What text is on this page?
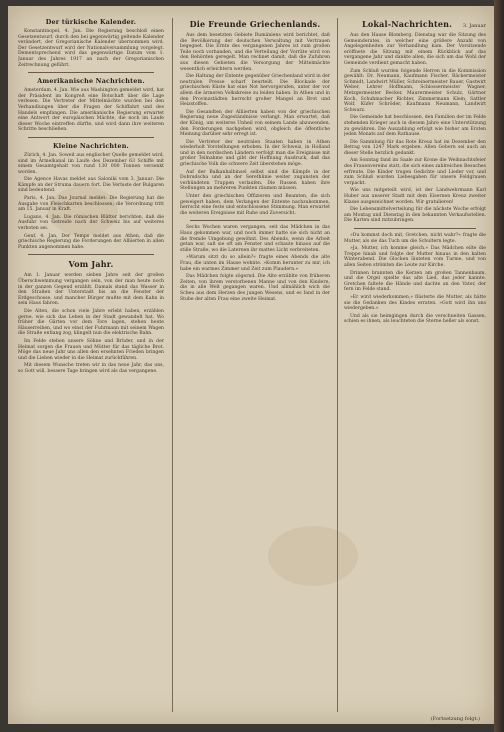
Der türkische Kalender.

Konstantinopel, 4. Jan. Die Regierung beschloß einen Gesetzentwurf, durch den bei gegenwärtig geltende Kalender verändert, der Gregorianische Kalender übernommen wird. Der Gesetzentwurf wird der Nationalversammlung vorgelegt. Dementsprechend wird das gegenwärtige Datum vom 1. Januar des Jahres 1917 an nach der Gregorianischen Zeitrechnung geführt.

Amerikanische Nachrichten.

Amsterdam, 4. Jan. Wie aus Washington gemeldet wird, hat der Präsident im Kongreß eine Botschaft über die Lage verlesen. Die Vertreter der Mittelmächte wurden bei den Verhandlungen über die Fragen der Schiffahrt und des Handels empfangen. Die amerikanische Regierung erwartet eine Antwort der europäischen Mächte, die noch im Laufe dieser Woche eintreffen dürfte, und wird dann ihre weiteren Schritte beschließen.

Kleine Nachrichten.

Zürich, 4. Jan. Soweit aus englischer Quelle gemeldet wird, sind im Ärmelkanal im Laufe des Dezember 63 Schiffe mit einem Gesamtgehalt von rund 130 000 Tonnen versenkt worden.

Die Agence Havas meldet aus Saloniki vom 3. Januar: Die Kämpfe an der Struma dauern fort. Die Verluste der Bulgaren sind bedeutend.

Paris, 4. Jan. Das Journal meldet: Die Regierung hat die Ausgabe von Fleischkarten beschlossen; die Verordnung tritt am 15. Januar in Kraft.

Lugano, 4. Jan. Die römischen Blätter berichten, daß die Ausfuhr von Getreide nach der Schweiz bis auf weiteres verboten sei.

Genf, 4. Jan. Der Temps meldet aus Athen, daß die griechische Regierung die Forderungen der Alliierten in allen Punkten angenommen habe.

Vom Jahr.

Am 1. Januar werden sieben Jahre seit der großen Überschwemmung vergangen sein, von der man heute noch in der ganzen Gegend erzählt. Damals stand das Wasser in den Straßen der Unterstadt bis an die Fenster der Erdgeschosse, und mancher Bürger mußte mit dem Kahn in sein Haus fahren.

Die Alten, die schon viele Jahre erlebt haben, erzählen gerne, wie sich das Leben in der Stadt gewandelt hat. Wo früher die Gärten vor dem Tore lagen, stehen heute Häuserreihen, und wo einst der Fuhrmann mit seinem Wagen die Straße entlang zog, klingelt nun die elektrische Bahn.

Im Felde stehen unsere Söhne und Brüder, und in der Heimat sorgen die Frauen und Mütter für das tägliche Brot. Möge das neue Jahr uns allen den ersehnten Frieden bringen und die Lieben wieder in die Heimat zurückführen.

Mit diesem Wunsche treten wir in das neue Jahr, das uns, so Gott will, bessere Tage bringen wird als das vergangene.

Die Freunde Griechenlands.

Aus dem besetzten Gebiete Rumäniens wird berichtet, daß die Bevölkerung der deutschen Verwaltung mit Vertrauen begegnet. Die Ernte des vergangenen Jahres ist zum großen Teile noch vorhanden, und die Verteilung der Vorräte wird von den Behörden geregelt. Man rechnet damit, daß die Zufuhren aus diesen Gebieten die Versorgung der Mittelmächte wesentlich erleichtern werden.

Die Haltung der Entente gegenüber Griechenland wird in der neutralen Presse scharf beurteilt. Die Blockade der griechischen Küste hat eine Not hervorgerufen, unter der vor allem die ärmeren Volkskreise zu leiden haben. In Athen und in den Provinzstädten herrscht großer Mangel an Brot und Heizstoffen.

Die Gesandten der Alliierten haben von der griechischen Regierung neue Zugeständnisse verlangt. Man erwartet, daß der König, um weiteres Unheil von seinem Lande abzuwenden, den Forderungen nachgeben wird, obgleich die öffentliche Meinung darüber sehr erregt ist.

Die Vertreter der neutralen Staaten haben in Athen wiederholt Vorstellungen erhoben. In der Schweiz, in Holland und in den nordischen Ländern verfolgt man die Ereignisse mit großer Teilnahme und gibt der Hoffnung Ausdruck, daß das griechische Volk die schwere Zeit überstehen möge.

Auf der Balkanhalbinsel selbst sind die Kämpfe in der Dobrudscha und an der Serethlinie weiter zugunsten der verbündeten Truppen verlaufen. Die Russen haben ihre Stellungen an mehreren Punkten räumen müssen.

Unter den griechischen Offizieren und Beamten, die sich geweigert haben, dem Verlangen der Entente nachzukommen, herrscht eine feste und entschlossene Stimmung. Man erwartet die weiteren Ereignisse mit Ruhe und Zuversicht.

Sechs Wochen waren vergangen, seit das Mädchen in das Haus gekommen war, und noch immer hatte sie sich nicht an die fremde Umgebung gewöhnt. Des Abends, wenn die Arbeit getan war, saß sie oft am Fenster und schaute hinaus auf die stille Straße, wo die Laternen ihr mattes Licht verbreiteten.

»Warum sitzt du so allein?« fragte eines Abends die alte Frau, die unten im Hause wohnte. »Komm herunter zu mir, ich habe ein warmes Zimmer und Zeit zum Plaudern.«

Das Mädchen folgte zögernd. Die Alte erzählte von früheren Zeiten, von ihrem verstorbenen Manne und von den Kindern, die in alle Welt gegangen waren. Und allmählich wich die Scheu aus dem Herzen des jungen Wesens, und es fand in der Stube der alten Frau eine zweite Heimat.

Lokal-Nachrichten. 3. Januar

Aus den Hause Blomberg. Dienstag war die Sitzung des Gemeinderates, in welcher eine größere Anzahl von Angelegenheiten zur Verhandlung kam. Der Vorsitzende eröffnete die Sitzung mit einem Rückblick auf das vergangene Jahr und dankte allen, die sich um das Wohl der Gemeinde verdient gemacht haben.

Zum Schluß wurden folgende Herren in die Kommission gewählt: Dr. Neumann, Kaufmann Fischer, Bäckermeister Schmidt, Landwirt Müller, Schreinermeister Bauer, Gastwirt Weber, Lehrer Hoffmann, Schlossermeister Wagner, Metzgermeister Becker, Maurermeister Schulz, Gärtner Koch, Schuhmacher Richter, Zimmermann Klein, Sattler Wolf, Küfer Schröder, Kaufmann Neumann, Landwirt Schwarz.

Die Gemeinde hat beschlossen, den Familien der im Felde stehenden Krieger auch in diesem Jahre eine Unterstützung zu gewähren. Die Auszahlung erfolgt wie bisher am Ersten jeden Monats auf dem Rathause.

Die Sammlung für das Rote Kreuz hat im Dezember den Betrag von 1247 Mark ergeben. Allen Gebern sei auch an dieser Stelle herzlich gedankt.

Am Sonntag fand im Saale zur Krone die Weihnachtsfeier des Frauenvereins statt, die sich eines zahlreichen Besuches erfreute. Die Kinder trugen Gedichte und Lieder vor, und zum Schluß wurden Liebesgaben für unsere Feldgrauen verpackt.

Wie uns mitgeteilt wird, ist der Landwehrmann Karl Huber aus unserer Stadt mit dem Eisernen Kreuz zweiter Klasse ausgezeichnet worden. Wir gratulieren!

Die Lebensmittelverteilung für die nächste Woche erfolgt am Montag und Dienstag in den bekannten Verkaufsstellen. Die Karten sind mitzubringen.

»Du kommst doch mit, Gretchen, nicht wahr?« fragte die Mutter, als sie das Tuch um die Schultern legte.

»Ja, Mutter, ich komme gleich.« Das Mädchen eilte die Treppe hinab und folgte der Mutter hinaus in den kalten Winterabend. Die Glocken läuteten vom Turme, und von allen Seiten strömten die Leute zur Kirche.

Drinnen brannten die Kerzen am großen Tannenbaum, und die Orgel spielte das alte Lied, das jeder kannte. Gretchen faltete die Hände und dachte an den Vater, der fern im Felde stand.

»Er wird wiederkommen,« flüsterte die Mutter, als hätte sie die Gedanken des Kindes erraten. »Gott wird ihn uns wiedergeben.«

Und als sie heimgingen durch die verschneiten Gassen, schien es ihnen, als leuchteten die Sterne heller als sonst.

(Fortsetzung folgt.)
